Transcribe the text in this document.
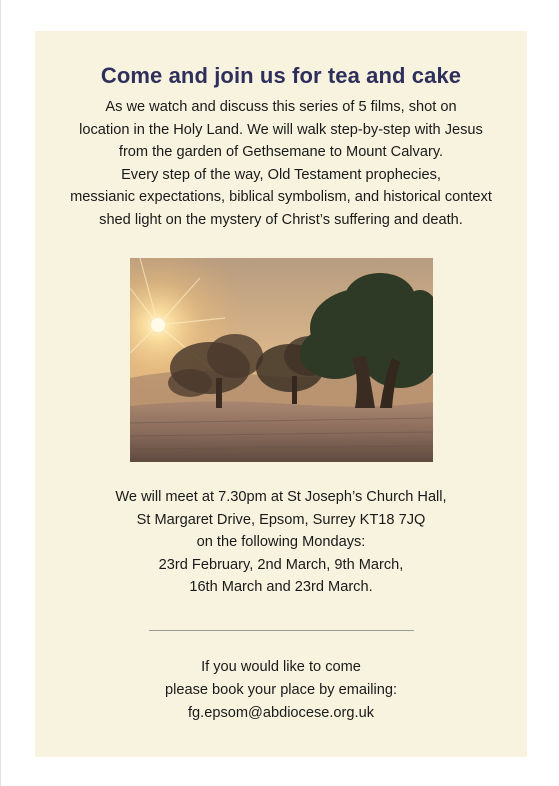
Come and join us for tea and cake
As we watch and discuss this series of 5 films, shot on
location in the Holy Land. We will walk step-by-step with Jesus
from the garden of Gethsemane to Mount Calvary.
Every step of the way, Old Testament prophecies,
messianic expectations, biblical symbolism, and historical context
shed light on the mystery of Christ’s suffering and death.
We will meet at 7.30pm at St Joseph’s Church Hall,
St Margaret Drive, Epsom, Surrey KT18 7JQ
on the following Mondays:
23rd February, 2nd March, 9th March,
16th March and 23rd March.
If you would like to come
please book your place by emailing:
fg.epsom@abdiocese.org.uk
